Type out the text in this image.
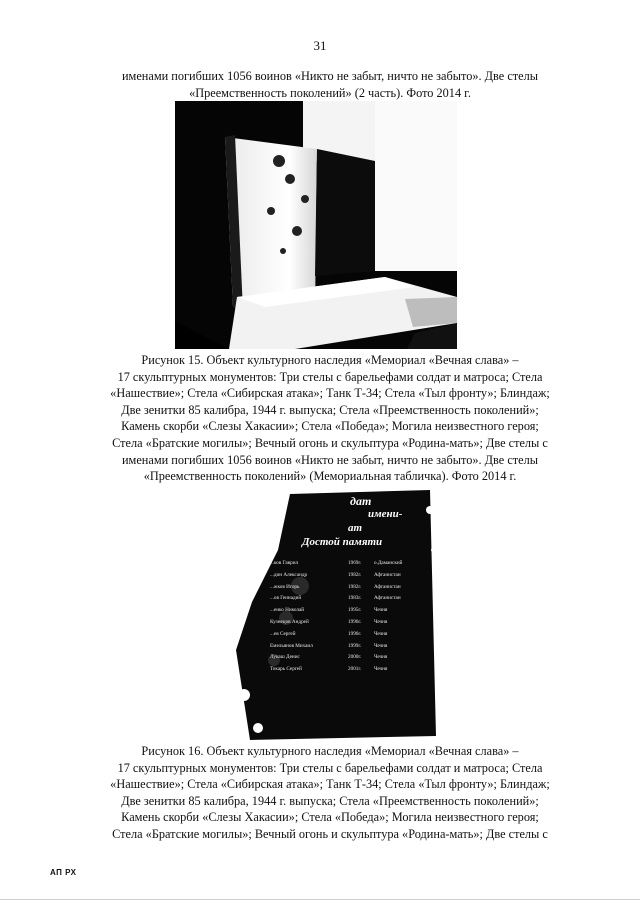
31
именами погибших 1056 воинов «Никто не забыт, ничто не забыто». Две стелы
«Преемственность поколений» (2 часть). Фото 2014 г.
Рисунок 15. Объект культурного наследия «Мемориал «Вечная слава» –
17 скульптурных монументов: Три стелы с барельефами солдат и матроса; Стела
«Нашествие»; Стела «Сибирская атака»; Танк Т-34; Стела «Тыл фронту»; Блиндаж;
Две зенитки 85 калибра, 1944 г. выпуска; Стела «Преемственность поколений»;
Камень скорби «Слезы Хакасии»; Стела «Победа»; Могила неизвестного героя;
Стела «Братские могилы»; Вечный огонь и скульптура «Родина-мать»; Две стелы с
именами погибших 1056 воинов «Никто не забыт, ничто не забыто». Две стелы
«Преемственность поколений» (Мемориальная табличка). Фото 2014 г.
дат
имени-
ат
Достой памяти
...ков Гаврил	1969г. о.Даманский
...дин Александр	1982г. Афганистан
...жков Игорь	1982г. Афганистан
...ов Геннадий	1983г. Афганистан
...енко Николай	1995г. Чечня
Кузнецов Андрей	1996г. Чечня
...ев Сергей	1996г. Чечня
Емельянов Михаил	1999г. Чечня
Лукаш Денис	2000г. Чечня
Токарь Сергей	2001г. Чечня
Рисунок 16. Объект культурного наследия «Мемориал «Вечная слава» –
17 скульптурных монументов: Три стелы с барельефами солдат и матроса; Стела
«Нашествие»; Стела «Сибирская атака»; Танк Т-34; Стела «Тыл фронту»; Блиндаж;
Две зенитки 85 калибра, 1944 г. выпуска; Стела «Преемственность поколений»;
Камень скорби «Слезы Хакасии»; Стела «Победа»; Могила неизвестного героя;
Стела «Братские могилы»; Вечный огонь и скульптура «Родина-мать»; Две стелы с
АП РХ
